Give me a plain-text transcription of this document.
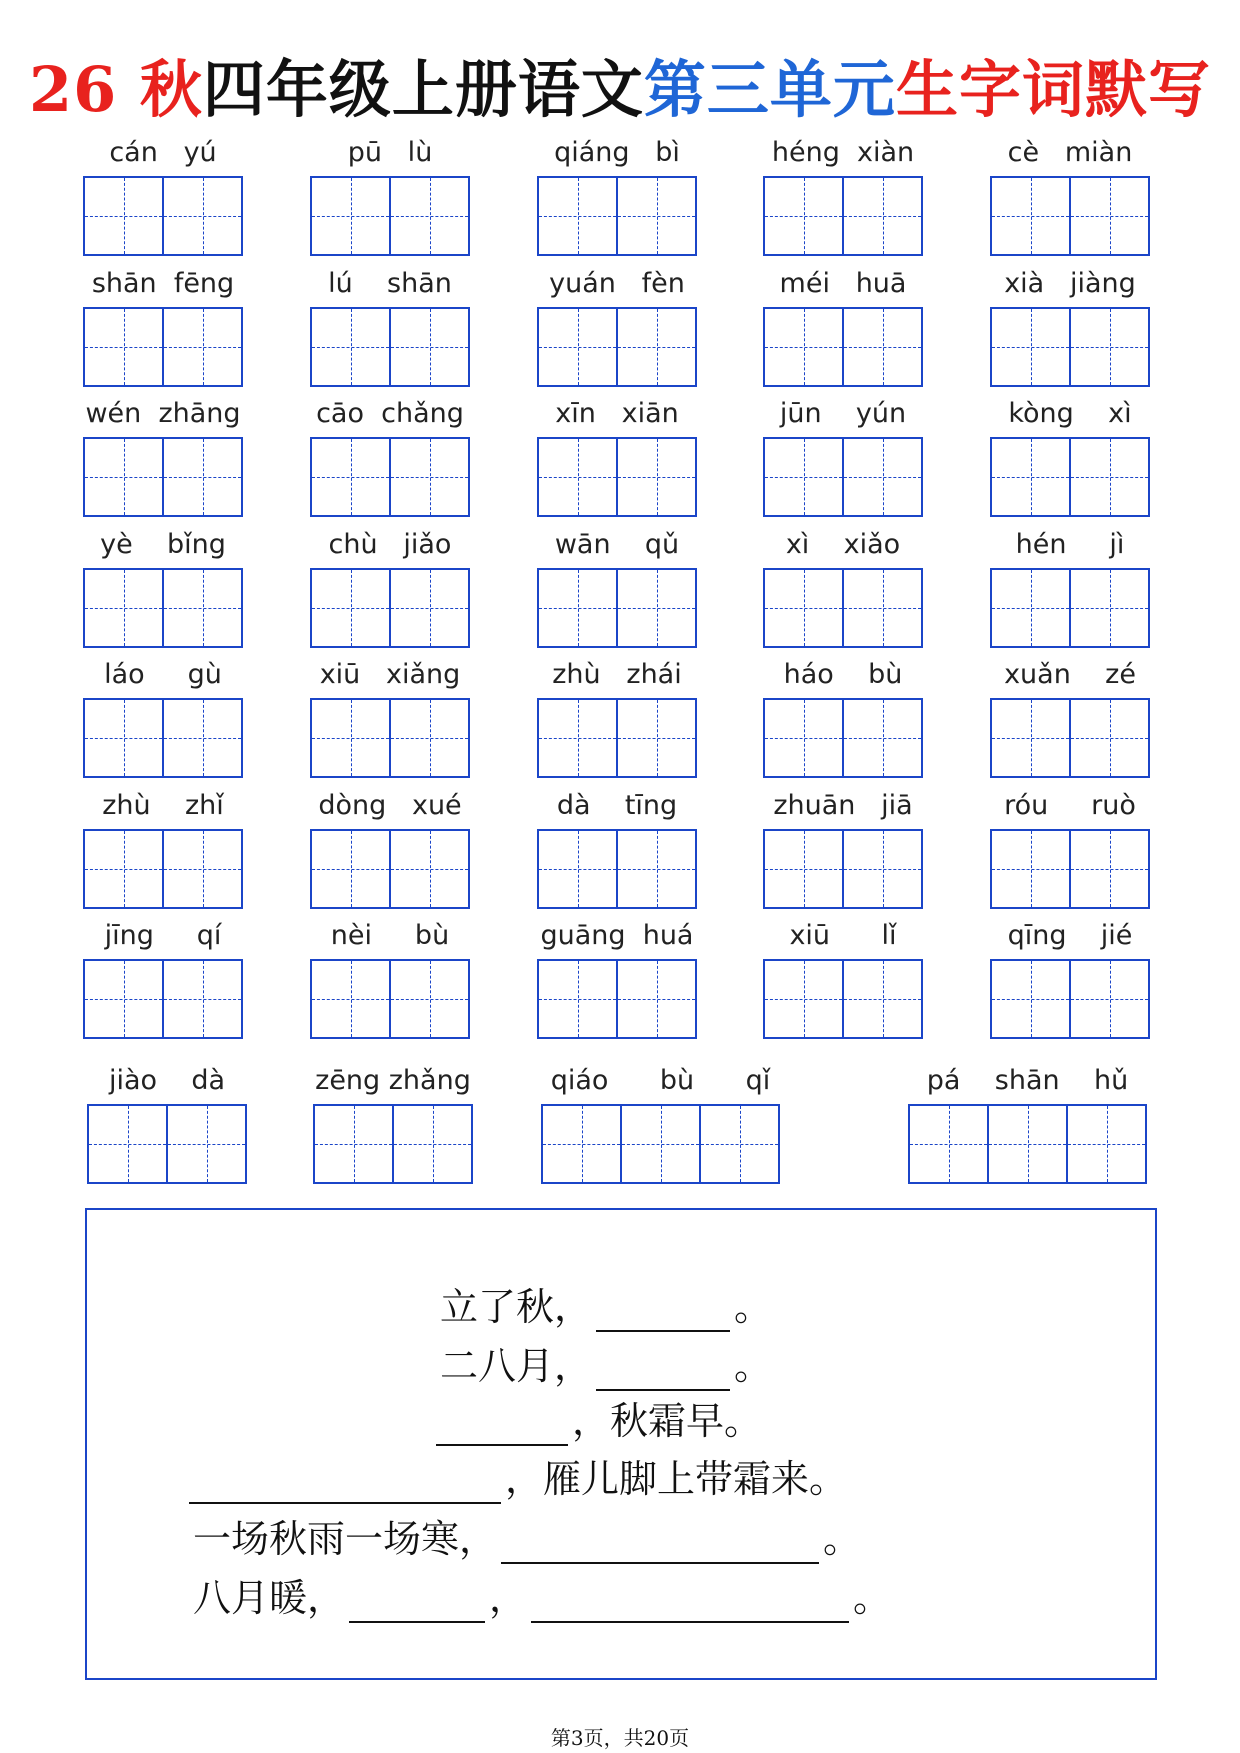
26 秋四年级上册语文第三单元生字词默写
cán   yú	pū   lù	qiáng   bì	héng  xiàn	cè   miàn
shān  fēng	lú    shān	yuán   fèn	méi   huā	xià   jiàng
wén  zhāng	cāo  chǎng	xīn   xiān	jūn    yún	kòng    xì
yè    bǐng	chù   jiǎo	wān    qǔ	xì    xiǎo	hén     jì
láo     gù	xiū   xiǎng	zhù   zhái	háo    bù	xuǎn    zé
zhù    zhǐ	dòng   xué	dà    tīng	zhuān   jiā	róu     ruò
jīng     qí	nèi     bù	guāng  huá	xiū      lǐ	qīng    jié
jiào    dà	zēng zhǎng	qiáo      bù      qǐ	pá    shān    hǔ
立了秋，	。
二八月，	。
，秋霜早。
，雁儿脚上带霜来。
一场秋雨一场寒，	。
八月暖，	，	。
第3页，共20页
